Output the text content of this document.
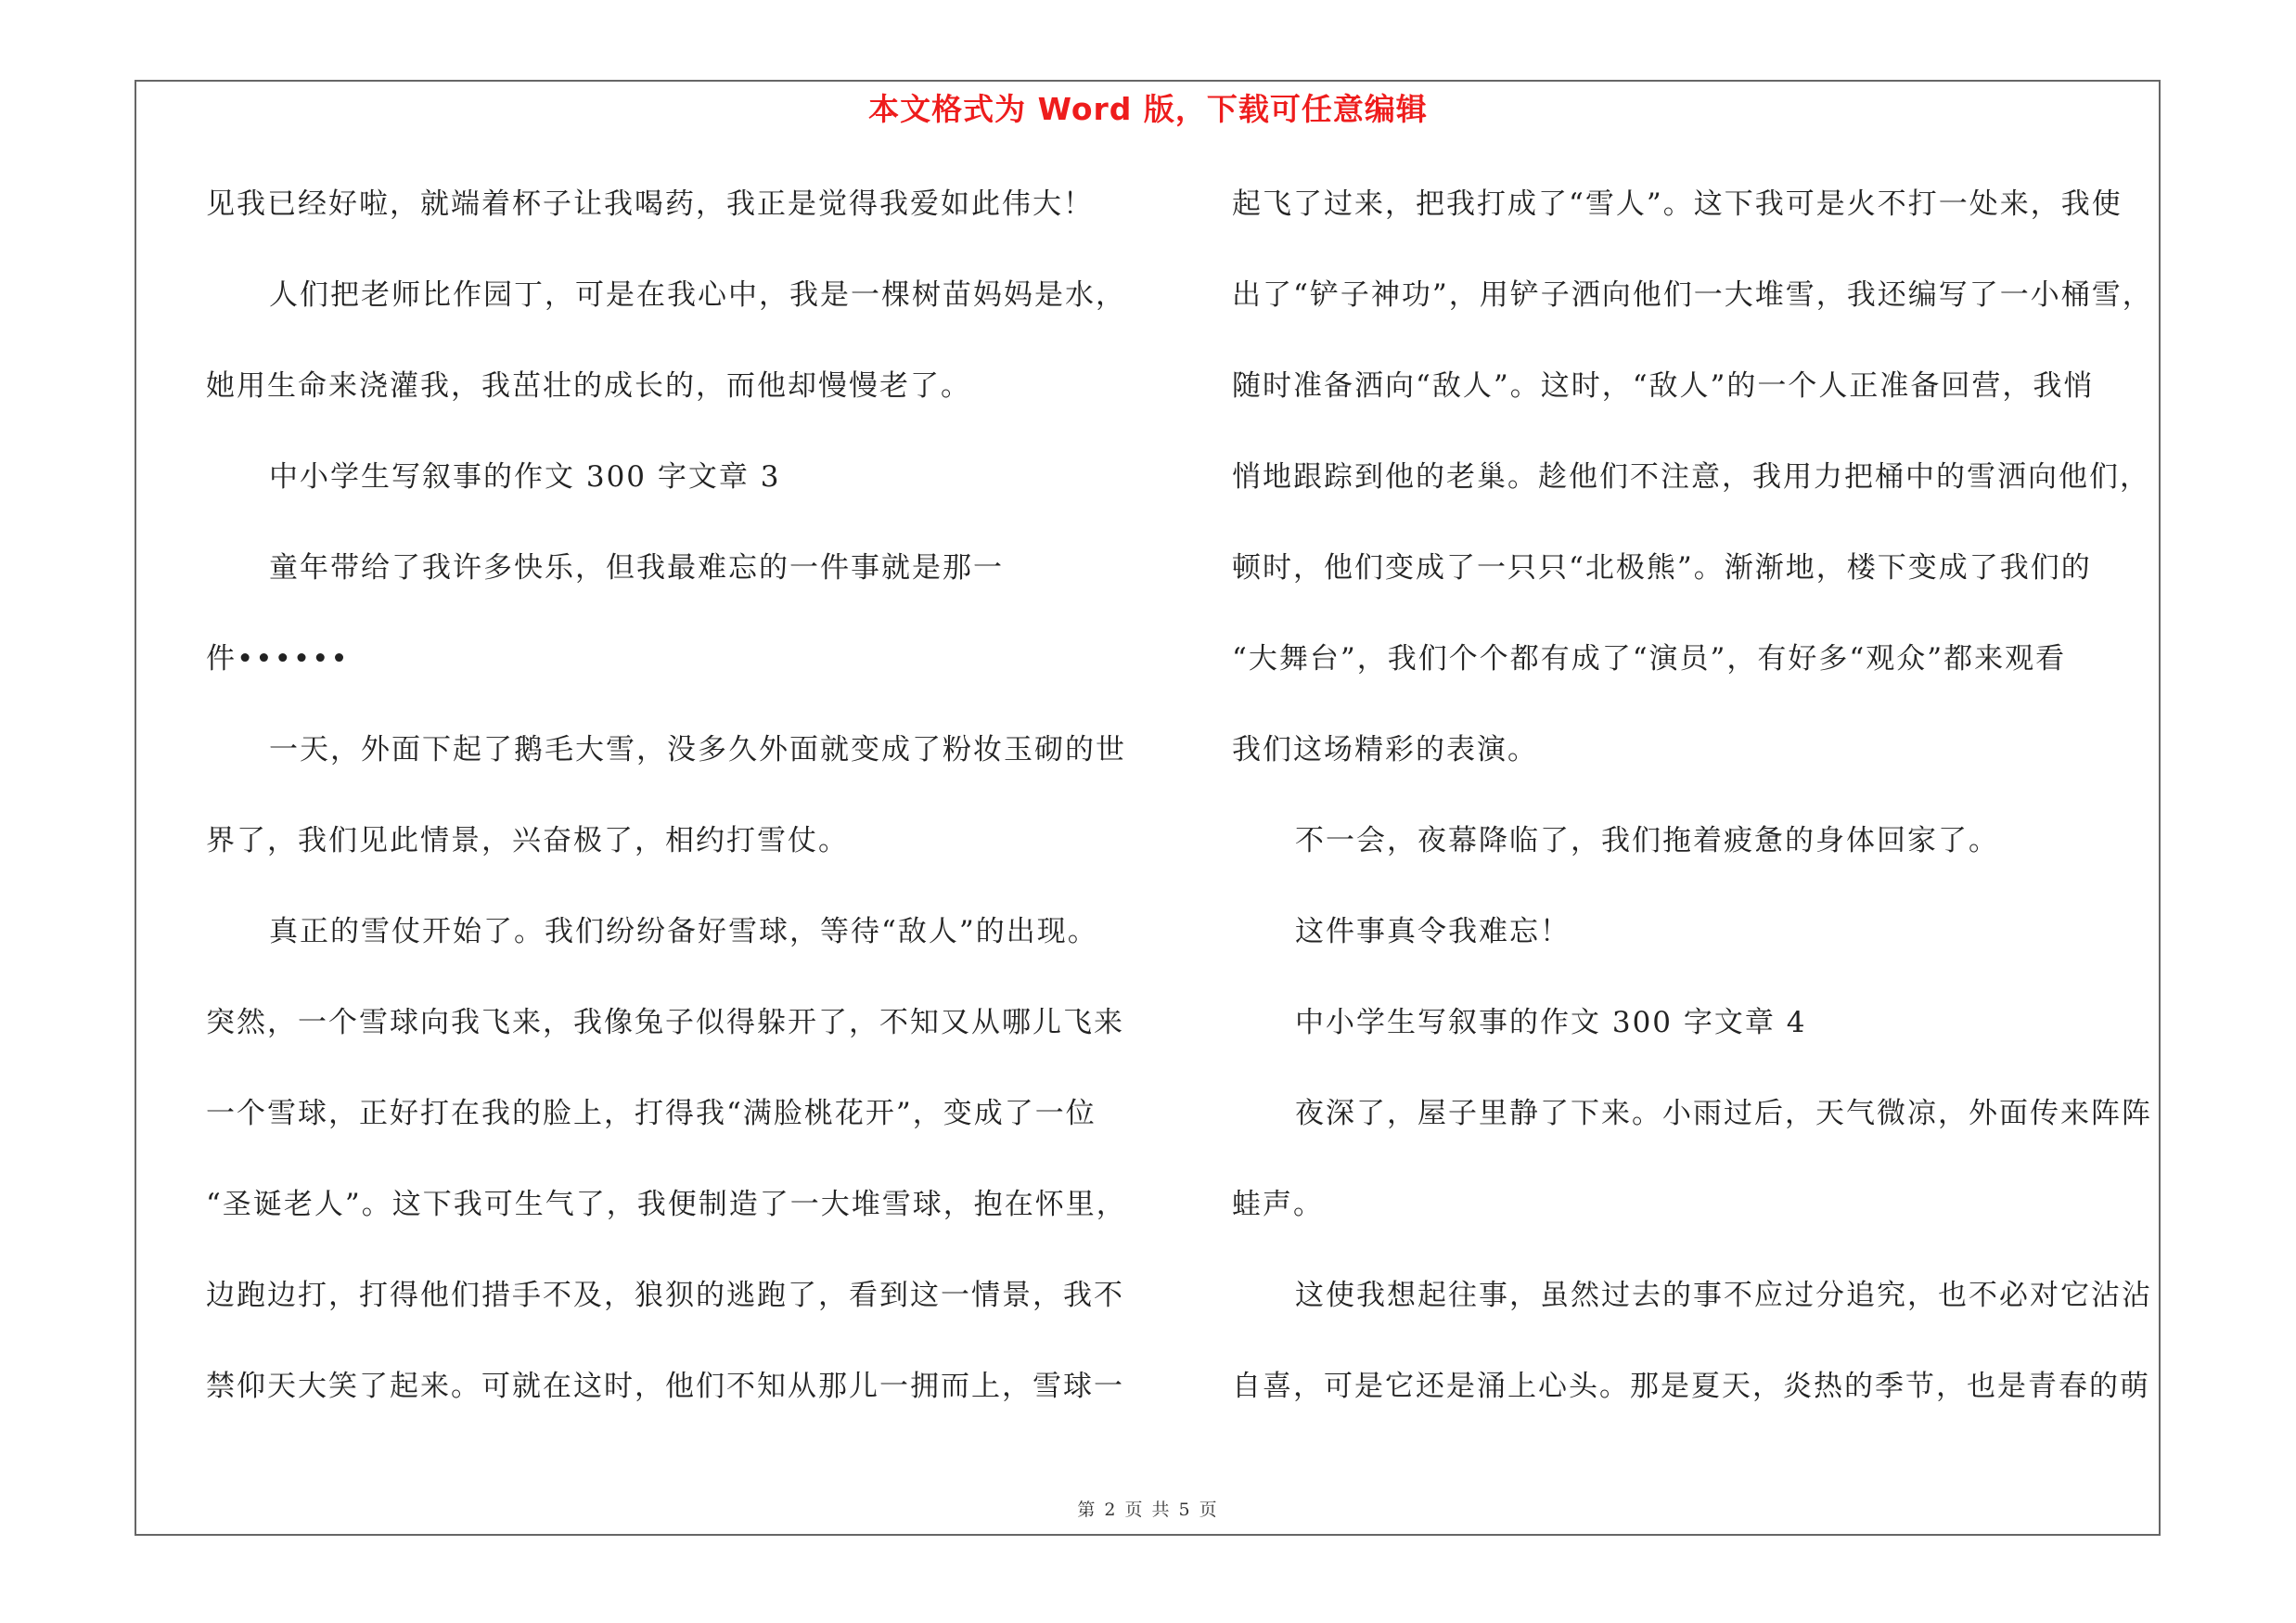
本文格式为 Word 版，下载可任意编辑
见我已经好啦，就端着杯子让我喝药，我正是觉得我爱如此伟大！
人们把老师比作园丁，可是在我心中，我是一棵树苗妈妈是水，
她用生命来浇灌我，我茁壮的成长的，而他却慢慢老了。
中小学生写叙事的作文 300 字文章 3
童年带给了我许多快乐，但我最难忘的一件事就是那一
件••••••
一天，外面下起了鹅毛大雪，没多久外面就变成了粉妆玉砌的世
界了，我们见此情景，兴奋极了，相约打雪仗。
真正的雪仗开始了。我们纷纷备好雪球，等待“敌人”的出现。
突然，一个雪球向我飞来，我像兔子似得躲开了，不知又从哪儿飞来
一个雪球，正好打在我的脸上，打得我“满脸桃花开”，变成了一位
“圣诞老人”。这下我可生气了，我便制造了一大堆雪球，抱在怀里，
边跑边打，打得他们措手不及，狼狈的逃跑了，看到这一情景，我不
禁仰天大笑了起来。可就在这时，他们不知从那儿一拥而上，雪球一
起飞了过来，把我打成了“雪人”。这下我可是火不打一处来，我使
出了“铲子神功”，用铲子洒向他们一大堆雪，我还编写了一小桶雪，
随时准备洒向“敌人”。这时，“敌人”的一个人正准备回营，我悄
悄地跟踪到他的老巢。趁他们不注意，我用力把桶中的雪洒向他们，
顿时，他们变成了一只只“北极熊”。渐渐地，楼下变成了我们的
“大舞台”，我们个个都有成了“演员”，有好多“观众”都来观看
我们这场精彩的表演。
不一会，夜幕降临了，我们拖着疲惫的身体回家了。
这件事真令我难忘！
中小学生写叙事的作文 300 字文章 4
夜深了，屋子里静了下来。小雨过后，天气微凉，外面传来阵阵
蛙声。
这使我想起往事，虽然过去的事不应过分追究，也不必对它沾沾
自喜，可是它还是涌上心头。那是夏天，炎热的季节，也是青春的萌
第 2 页 共 5 页
